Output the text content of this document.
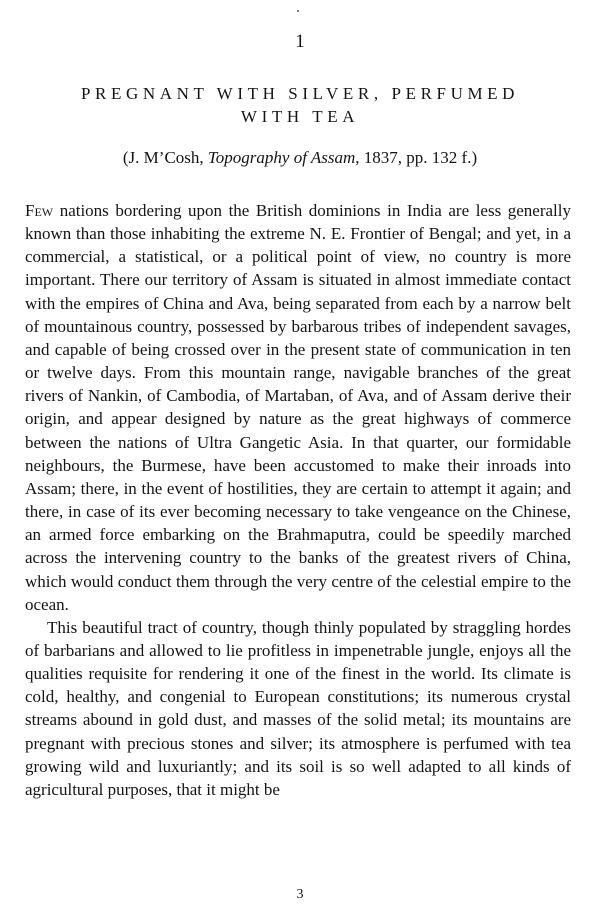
1
PREGNANT WITH SILVER, PERFUMED
WITH TEA
(J. M’Cosh, Topography of Assam, 1837, pp. 132 f.)

Few nations bordering upon the British dominions in India are less generally known than those inhabiting the extreme N. E. Frontier of Bengal; and yet, in a commercial, a statistical, or a political point of view, no country is more important. There our territory of Assam is situated in almost immediate contact with the empires of China and Ava, being separated from each by a narrow belt of mountainous country, possessed by barbarous tribes of independent savages, and capable of being crossed over in the present state of communication in ten or twelve days. From this mountain range, navigable branches of the great rivers of Nankin, of Cambodia, of Martaban, of Ava, and of Assam derive their origin, and appear designed by nature as the great highways of commerce between the nations of Ultra Gangetic Asia. In that quarter, our formidable neighbours, the Burmese, have been accustomed to make their inroads into Assam; there, in the event of hostilities, they are certain to attempt it again; and there, in case of its ever becoming necessary to take vengeance on the Chinese, an armed force embarking on the Brahmaputra, could be speedily marched across the intervening country to the banks of the greatest rivers of China, which would conduct them through the very centre of the celestial empire to the ocean.

This beautiful tract of country, though thinly populated by straggling hordes of barbarians and allowed to lie profitless in impenetrable jungle, enjoys all the qualities requisite for rendering it one of the finest in the world. Its climate is cold, healthy, and congenial to European constitutions; its numerous crystal streams abound in gold dust, and masses of the solid metal; its mountains are pregnant with precious stones and silver; its atmosphere is perfumed with tea growing wild and luxuriantly; and its soil is so well adapted to all kinds of agricultural purposes, that it might be

3
